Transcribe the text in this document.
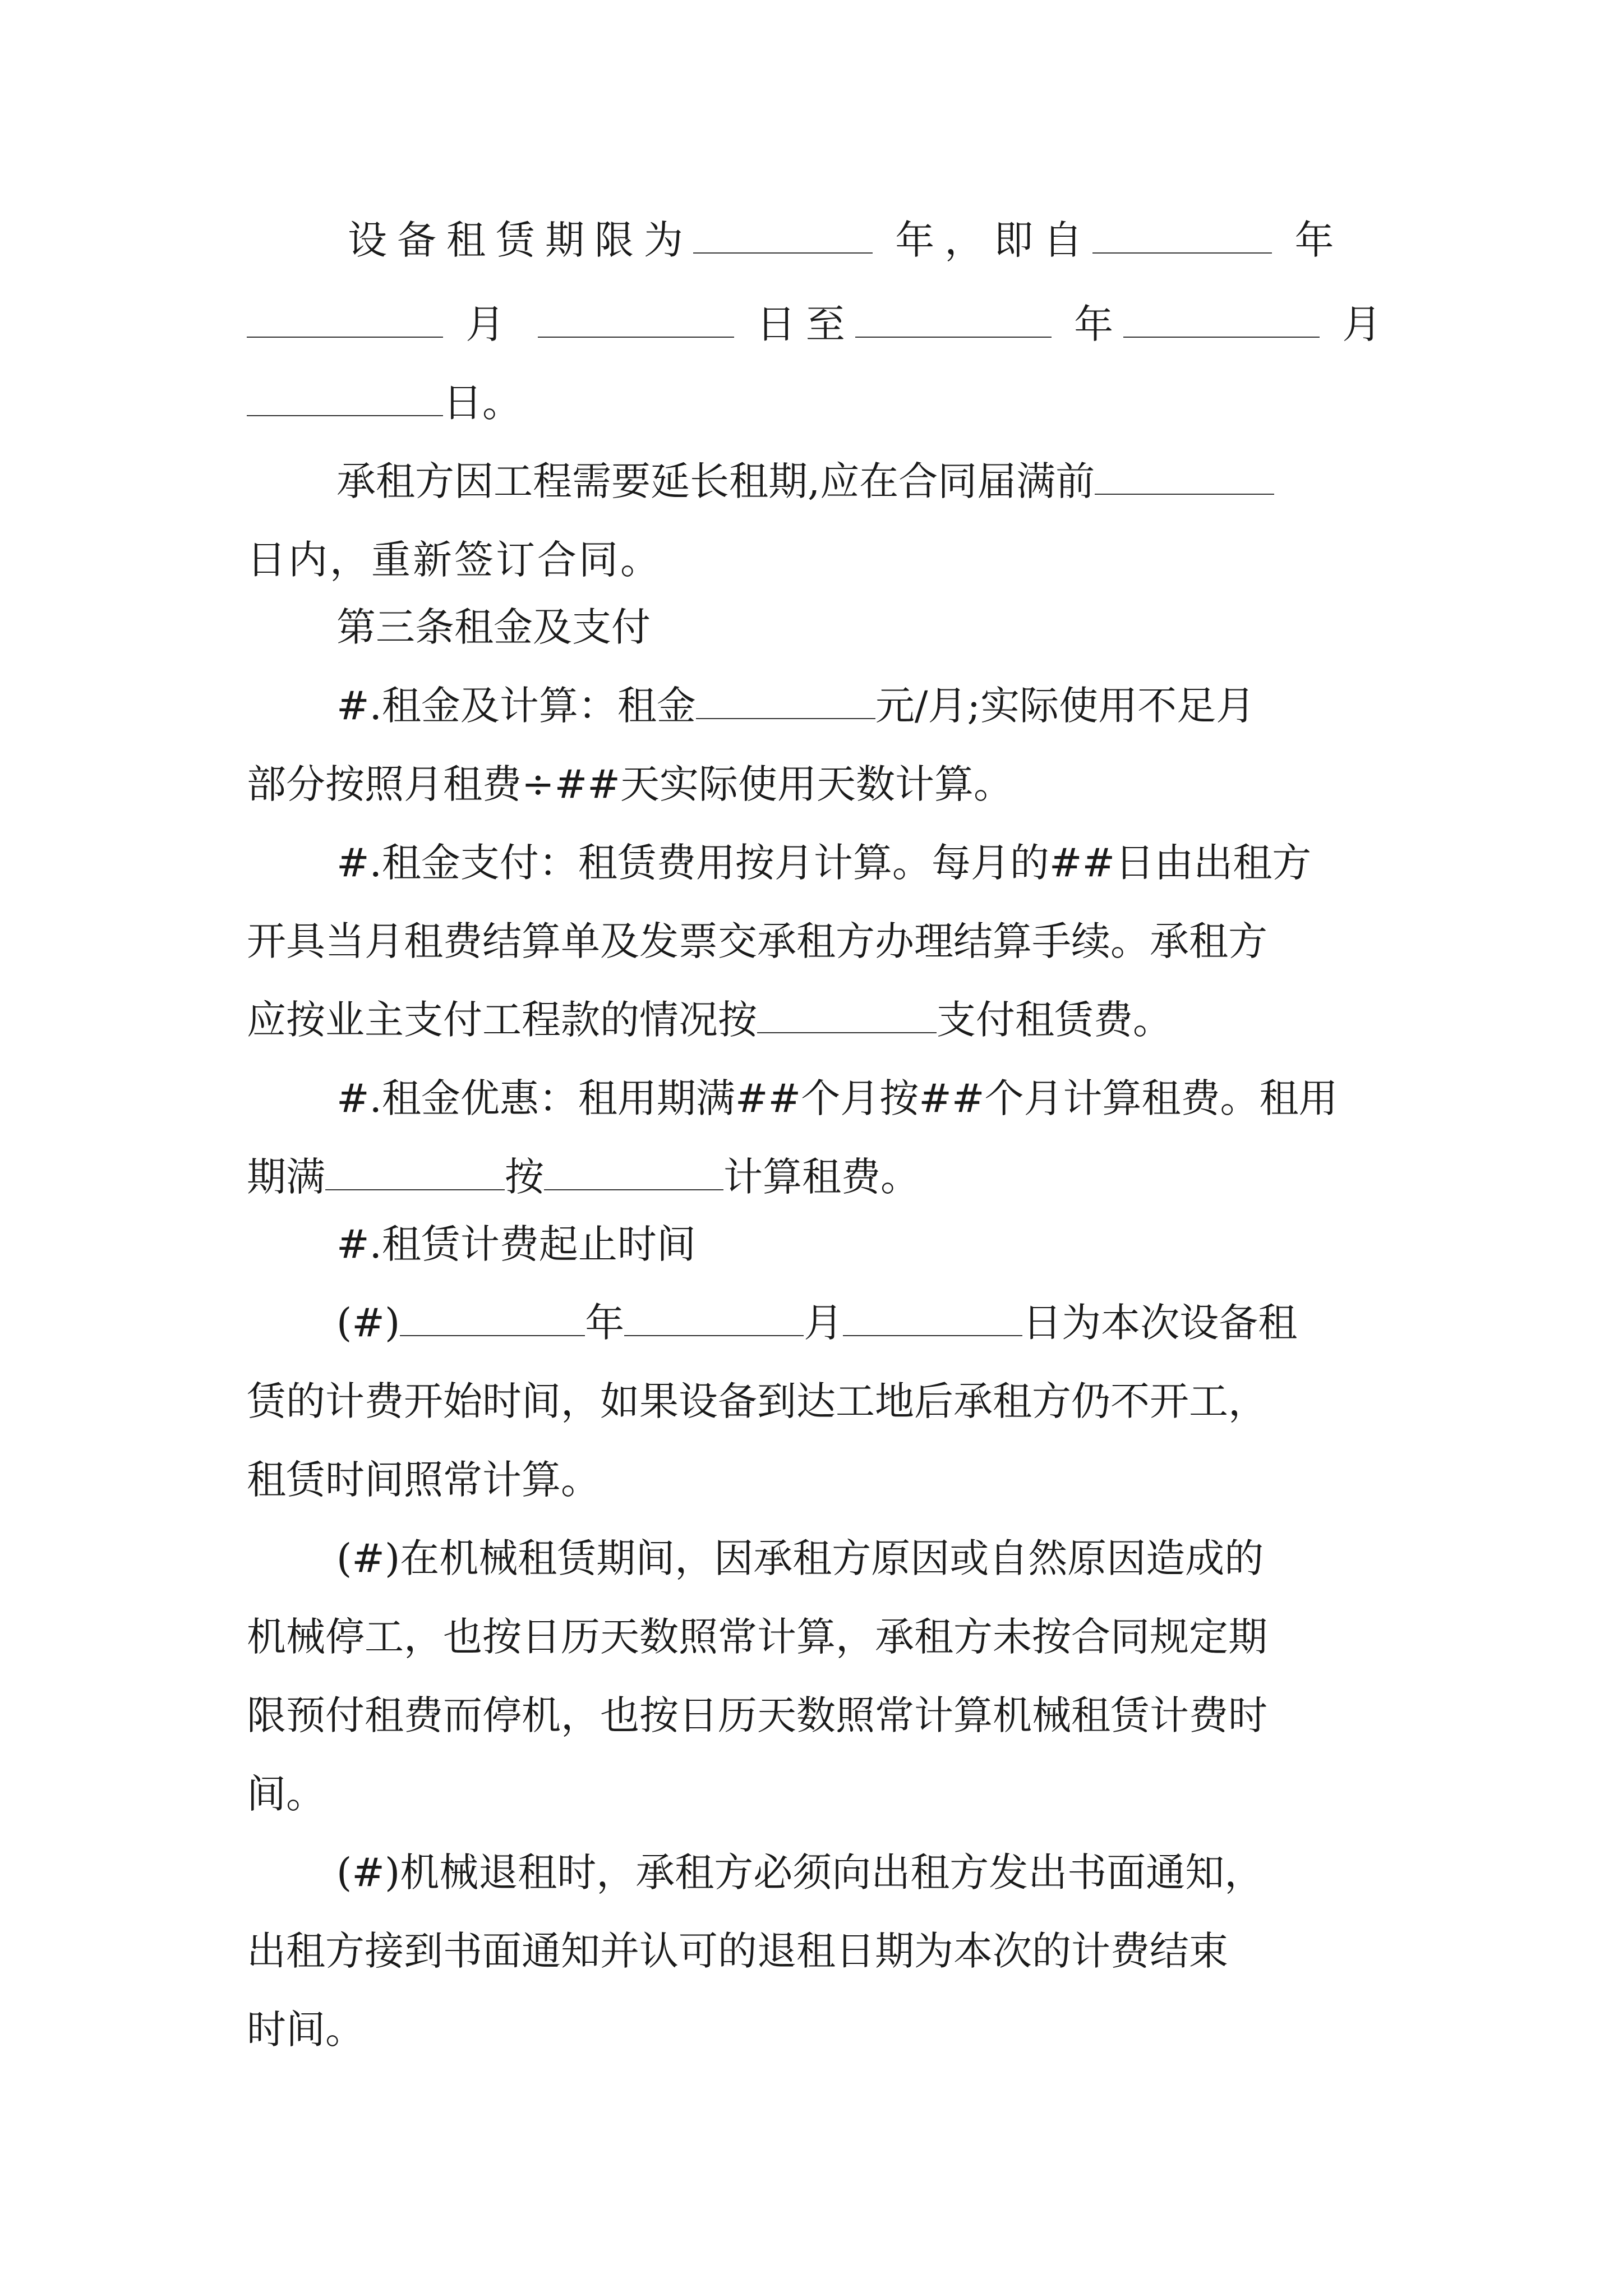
设备租赁期限为	年，即自	年
月	日至	年	月
日。
承租方因工程需要延长租期,应在合同届满前
日内，重新签订合同。
第三条租金及支付
#.租金及计算：租金	元/月;实际使用不足月
部分按照月租费÷##天实际使用天数计算。
#.租金支付：租赁费用按月计算。每月的##日由出租方
开具当月租费结算单及发票交承租方办理结算手续。承租方
应按业主支付工程款的情况按	支付租赁费。
#.租金优惠：租用期满##个月按##个月计算租费。租用
期满	按	计算租费。
#.租赁计费起止时间
(#)	年	月	日为本次设备租
赁的计费开始时间，如果设备到达工地后承租方仍不开工，
租赁时间照常计算。
(#)在机械租赁期间，因承租方原因或自然原因造成的
机械停工，也按日历天数照常计算，承租方未按合同规定期
限预付租费而停机，也按日历天数照常计算机械租赁计费时
间。
(#)机械退租时，承租方必须向出租方发出书面通知，
出租方接到书面通知并认可的退租日期为本次的计费结束
时间。
